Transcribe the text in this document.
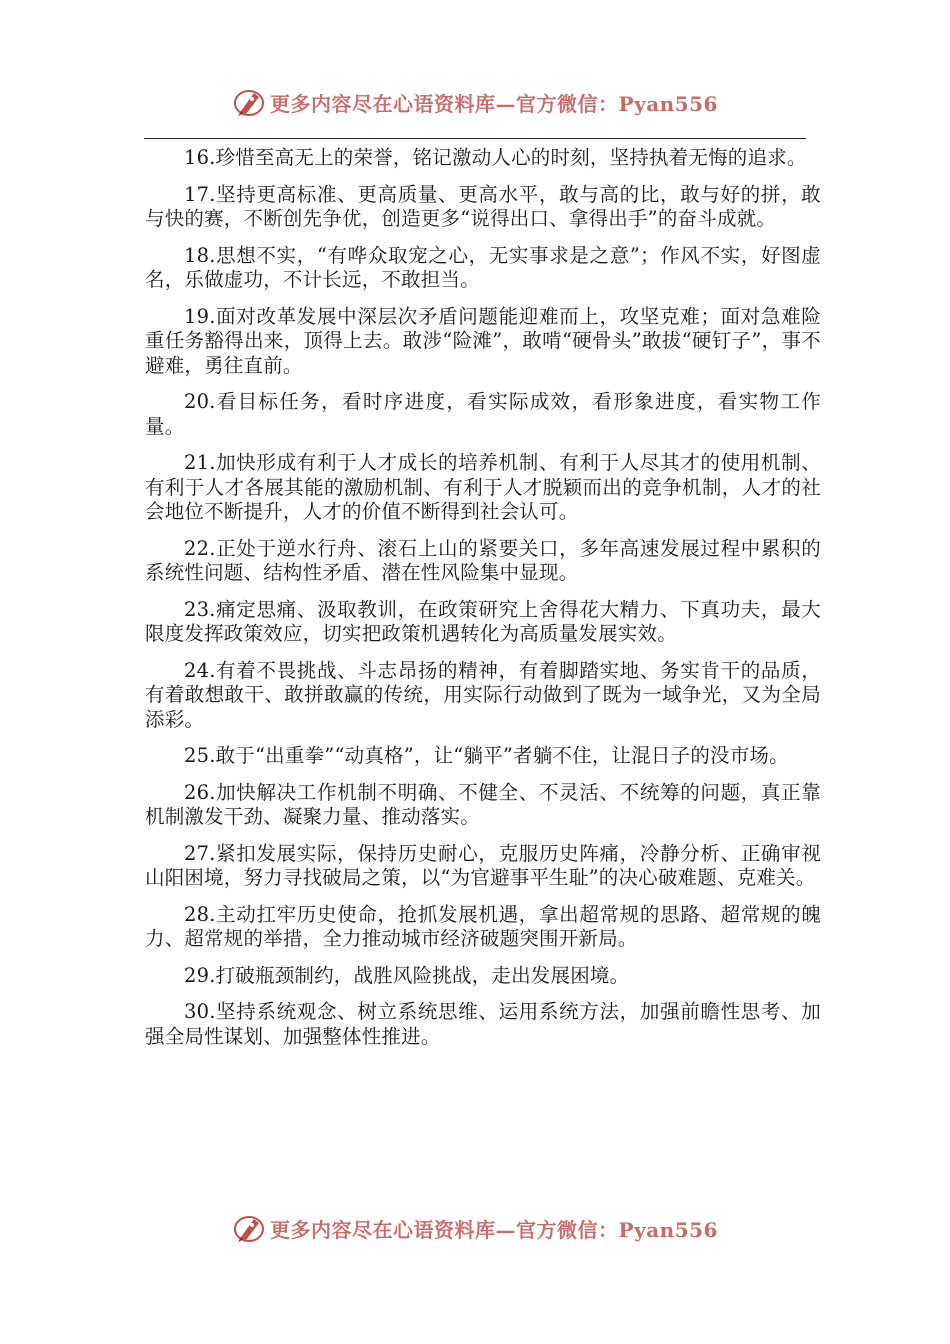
更多内容尽在心语资料库—官方微信：Pyan556

16.珍惜至高无上的荣誉，铭记激动人心的时刻，坚持执着无悔的追求。

17.坚持更高标准、更高质量、更高水平，敢与高的比，敢与好的拼，敢与快的赛，不断创先争优，创造更多“说得出口、拿得出手”的奋斗成就。

18.思想不实，“有哗众取宠之心，无实事求是之意”；作风不实，好图虚名，乐做虚功，不计长远，不敢担当。

19.面对改革发展中深层次矛盾问题能迎难而上，攻坚克难；面对急难险重任务豁得出来，顶得上去。敢涉“险滩”，敢啃“硬骨头”敢拔“硬钉子”，事不避难，勇往直前。

20.看目标任务，看时序进度，看实际成效，看形象进度，看实物工作量。

21.加快形成有利于人才成长的培养机制、有利于人尽其才的使用机制、有利于人才各展其能的激励机制、有利于人才脱颖而出的竞争机制，人才的社会地位不断提升，人才的价值不断得到社会认可。

22.正处于逆水行舟、滚石上山的紧要关口，多年高速发展过程中累积的系统性问题、结构性矛盾、潜在性风险集中显现。

23.痛定思痛、汲取教训，在政策研究上舍得花大精力、下真功夫，最大限度发挥政策效应，切实把政策机遇转化为高质量发展实效。

24.有着不畏挑战、斗志昂扬的精神，有着脚踏实地、务实肯干的品质，有着敢想敢干、敢拼敢赢的传统，用实际行动做到了既为一域争光，又为全局添彩。

25.敢于“出重拳”“动真格”，让“躺平”者躺不住，让混日子的没市场。

26.加快解决工作机制不明确、不健全、不灵活、不统筹的问题，真正靠机制激发干劲、凝聚力量、推动落实。

27.紧扣发展实际，保持历史耐心，克服历史阵痛，冷静分析、正确审视山阳困境，努力寻找破局之策，以“为官避事平生耻”的决心破难题、克难关。

28.主动扛牢历史使命，抢抓发展机遇，拿出超常规的思路、超常规的魄力、超常规的举措，全力推动城市经济破题突围开新局。

29.打破瓶颈制约，战胜风险挑战，走出发展困境。

30.坚持系统观念、树立系统思维、运用系统方法，加强前瞻性思考、加强全局性谋划、加强整体性推进。

更多内容尽在心语资料库—官方微信：Pyan556
